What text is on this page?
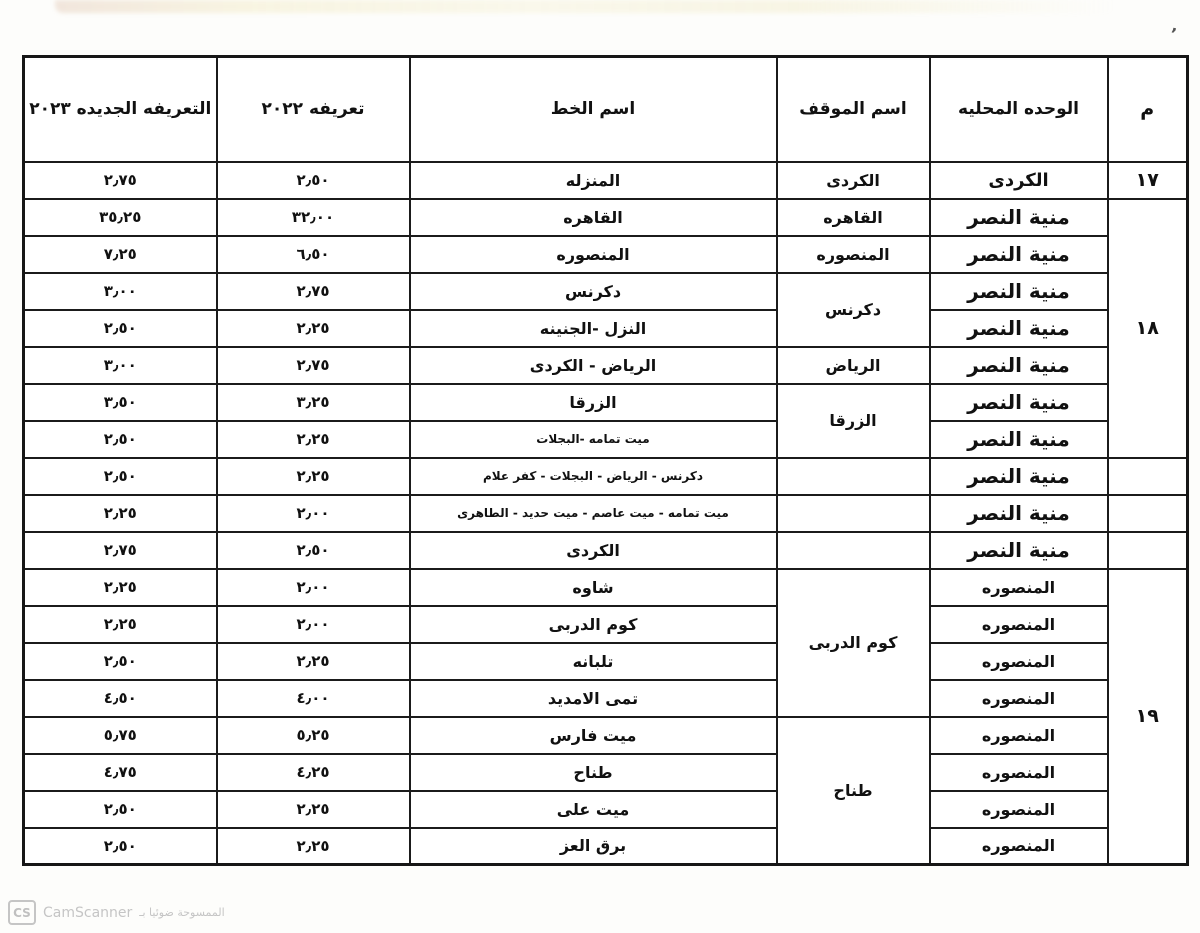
‚
م	الوحده المحليه	اسم الموقف	اسم الخط	تعريفه ٢٠٢٢	التعريفه الجديده ٢٠٢٣
١٧	الكردى	الكردى	المنزله	٢٫٥٠	٢٫٧٥
١٨	منية النصر	القاهره	القاهره	٣٢٫٠٠	٣٥٫٢٥
	منية النصر	المنصوره	المنصوره	٦٫٥٠	٧٫٢٥
	منية النصر	دكرنس	دكرنس	٢٫٧٥	٣٫٠٠
	منية النصر		النزل -الجنينه	٢٫٢٥	٢٫٥٠
	منية النصر	الرياض	الرياض - الكردى	٢٫٧٥	٣٫٠٠
	منية النصر	الزرقا	الزرقا	٣٫٢٥	٣٫٥٠
	منية النصر		ميت تمامه -البجلات	٢٫٢٥	٢٫٥٠
	منية النصر		دكرنس - الرياض - البجلات - كفر علام	٢٫٢٥	٢٫٥٠
	منية النصر		ميت تمامه - ميت عاصم - ميت حديد - الطاهرى	٢٫٠٠	٢٫٢٥
	منية النصر		الكردى	٢٫٥٠	٢٫٧٥
١٩	المنصوره	كوم الدربى	شاوه	٢٫٠٠	٢٫٢٥
	المنصوره		كوم الدربى	٢٫٠٠	٢٫٢٥
	المنصوره		تلبانه	٢٫٢٥	٢٫٥٠
	المنصوره		تمى الامديد	٤٫٠٠	٤٫٥٠
	المنصوره	طناح	ميت فارس	٥٫٢٥	٥٫٧٥
	المنصوره		طناح	٤٫٢٥	٤٫٧٥
	المنصوره		ميت على	٢٫٢٥	٢٫٥٠
	المنصوره		برق العز	٢٫٢٥	٢٫٥٠
CS CamScanner الممسوحة ضوئيا بـ
